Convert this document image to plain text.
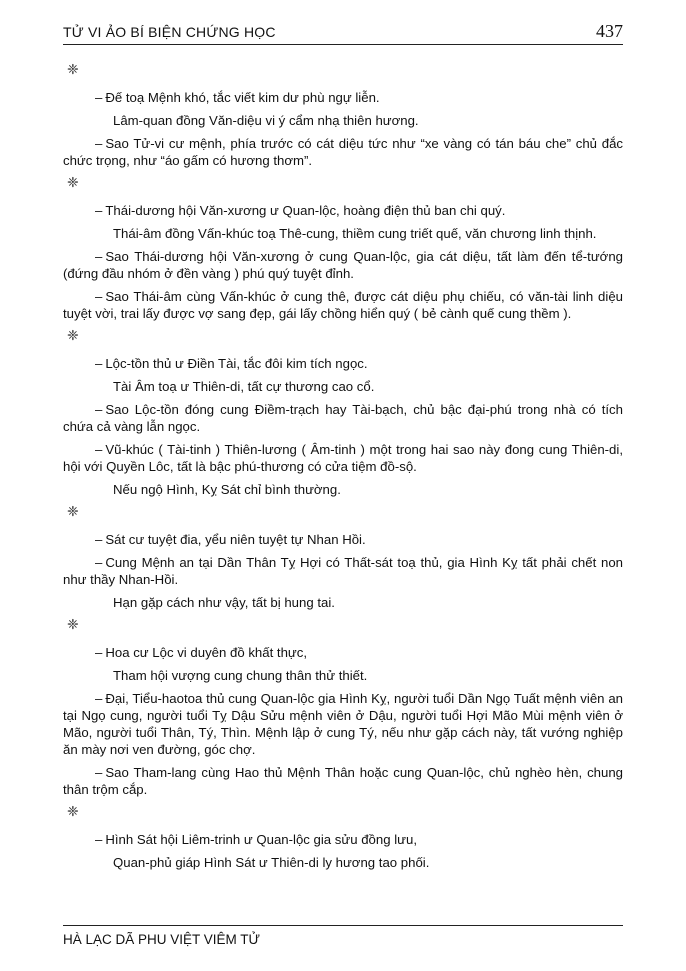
TỬ VI ẢO BÍ BIỆN CHỨNG HỌC	437
❈
– Đế toạ Mệnh khó, tắc viết kim dư phù ngự liễn.
Lâm-quan đồng Văn-diệu vi ý cẩm nhạ thiên hương.
– Sao Tử-vi cư mệnh, phía trước có cát diệu tức như “xe vàng có tán báu che” chủ đắc chức trọng, như “áo gấm có hương thơm”.
❈
– Thái-dương hội Văn-xương ư Quan-lộc, hoàng điện thủ ban chi quý.
Thái-âm đồng Vấn-khúc toạ Thê-cung, thiềm cung triết quế, văn chương linh thịnh.
– Sao Thái-dương hội Văn-xương ở cung Quan-lộc, gia cát diệu, tất làm đến tể-tướng (đứng đầu nhóm ở đền vàng ) phú quý tuyệt đỉnh.
– Sao Thái-âm cùng Vấn-khúc ở cung thê, được cát diệu phụ chiếu, có văn-tài linh diệu tuyệt vời, trai lấy được vợ sang đẹp, gái lấy chồng hiển quý ( bẻ cành quế cung thềm ).
❈
– Lộc-tồn thủ ư Điền Tài, tắc đôi kim tích ngọc.
Tài Âm toạ ư Thiên-di, tất cự thương cao cổ.
– Sao Lộc-tồn đóng cung Điềm-trạch hay Tài-bạch, chủ bậc đại-phú trong nhà có tích chứa cả vàng lẫn ngọc.
– Vũ-khúc ( Tài-tinh ) Thiên-lương ( Âm-tinh ) một trong hai sao này đong cung Thiên-di, hội với Quyền Lôc, tất là bậc phú-thương có cửa tiệm đồ-sộ.
Nếu ngộ Hình, Kỵ Sát chỉ bình thường.
❈
– Sát cư tuyệt đia, yểu niên tuyệt tự Nhan Hồi.
– Cung Mệnh an tại Dần Thân Tỵ Hợi có Thất-sát toạ thủ, gia Hình Kỵ tất phải chết non như thầy Nhan-Hồi.
Hạn gặp cách như vậy, tất bị hung tai.
❈
– Hoa cư Lộc vi duyên đồ khất thực,
Tham hội vượng cung chung thân thử thiết.
– Đại, Tiểu-haotoa thủ cung Quan-lộc gia Hình Kỵ, người tuổi Dần Ngọ Tuất mệnh viên an tại Ngọ cung, người tuổi Tỵ Dậu Sửu mệnh viên ở Dậu, người tuổi Hợi Mão Mùi mệnh viên ở Mão, người tuổi Thân, Tý, Thìn. Mệnh lập ở cung Tý, nếu như gặp cách này, tất vướng nghiệp ăn mày nơi ven đường, góc chợ.
– Sao Tham-lang cùng Hao thủ Mệnh Thân hoặc cung Quan-lộc, chủ nghèo hèn, chung thân trộm cắp.
❈
– Hình Sát hội Liêm-trinh ư Quan-lộc gia sửu đồng lưu,
Quan-phủ giáp Hình Sát ư Thiên-di ly hương tao phối.
HÀ LẠC DÃ PHU VIỆT VIÊM TỬ
